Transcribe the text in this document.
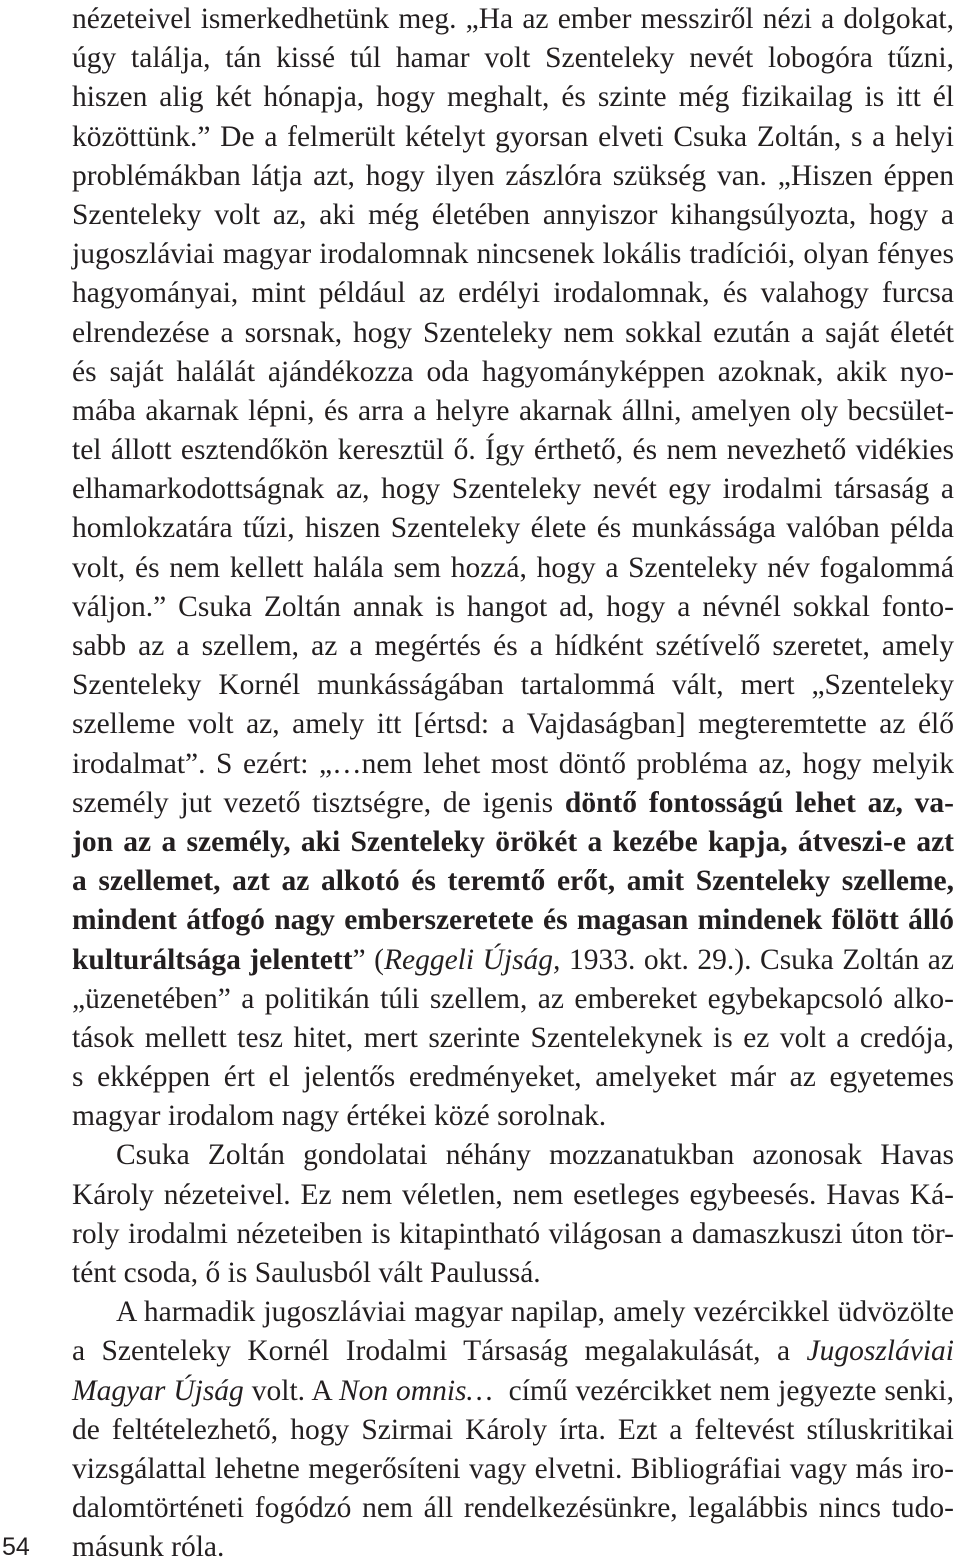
nézeteivel ismerkedhetünk meg. „Ha az ember messziről nézi a dolgokat,
úgy találja, tán kissé túl hamar volt Szenteleky nevét lobogóra tűzni,
hiszen alig két hónapja, hogy meghalt, és szinte még fizikailag is itt él
közöttünk.” De a felmerült kételyt gyorsan elveti Csuka Zoltán, s a helyi
problémákban látja azt, hogy ilyen zászlóra szükség van. „Hiszen éppen
Szenteleky volt az, aki még életében annyiszor kihangsúlyozta, hogy a
jugoszláviai magyar irodalomnak nincsenek lokális tradíciói, olyan fényes
hagyományai, mint például az erdélyi irodalomnak, és valahogy furcsa
elrendezése a sorsnak, hogy Szenteleky nem sokkal ezután a saját életét
és saját halálát ajándékozza oda hagyományképpen azoknak, akik nyo-
mába akarnak lépni, és arra a helyre akarnak állni, amelyen oly becsület-
tel állott esztendőkön keresztül ő. Így érthető, és nem nevezhető vidékies
elhamarkodottságnak az, hogy Szenteleky nevét egy irodalmi társaság a
homlokzatára tűzi, hiszen Szenteleky élete és munkássága valóban példa
volt, és nem kellett halála sem hozzá, hogy a Szenteleky név fogalommá
váljon.” Csuka Zoltán annak is hangot ad, hogy a névnél sokkal fonto-
sabb az a szellem, az a megértés és a hídként szétívelő szeretet, amely
Szenteleky Kornél munkásságában tartalommá vált, mert „Szenteleky
szelleme volt az, amely itt [értsd: a Vajdaságban] megteremtette az élő
irodalmat”. S ezért: „…nem lehet most döntő probléma az, hogy melyik
személy jut vezető tisztségre, de igenis döntő fontosságú lehet az, va-
jon az a személy, aki Szenteleky örökét a kezébe kapja, átveszi-e azt
a szellemet, azt az alkotó és teremtő erőt, amit Szenteleky szelleme,
mindent átfogó nagy emberszeretete és magasan mindenek fölött álló
kulturáltsága jelentett” (Reggeli Újság, 1933. okt. 29.). Csuka Zoltán az
„üzenetében” a politikán túli szellem, az embereket egybekapcsoló alko-
tások mellett tesz hitet, mert szerinte Szentelekynek is ez volt a credója,
s ekképpen ért el jelentős eredményeket, amelyeket már az egyetemes
magyar irodalom nagy értékei közé sorolnak.
Csuka Zoltán gondolatai néhány mozzanatukban azonosak Havas
Károly nézeteivel. Ez nem véletlen, nem esetleges egybeesés. Havas Ká-
roly irodalmi nézeteiben is kitapintható világosan a damaszkuszi úton tör-
tént csoda, ő is Saulusból vált Paulussá.
A harmadik jugoszláviai magyar napilap, amely vezércikkel üdvözölte
a Szenteleky Kornél Irodalmi Társaság megalakulását, a Jugoszláviai
Magyar Újság volt. A Non omnis…  című vezércikket nem jegyezte senki,
de feltételezhető, hogy Szirmai Károly írta. Ezt a feltevést stíluskritikai
vizsgálattal lehetne megerősíteni vagy elvetni. Bibliográfiai vagy más iro-
dalomtörténeti fogódzó nem áll rendelkezésünkre, legalábbis nincs tudo-
másunk róla.
54
